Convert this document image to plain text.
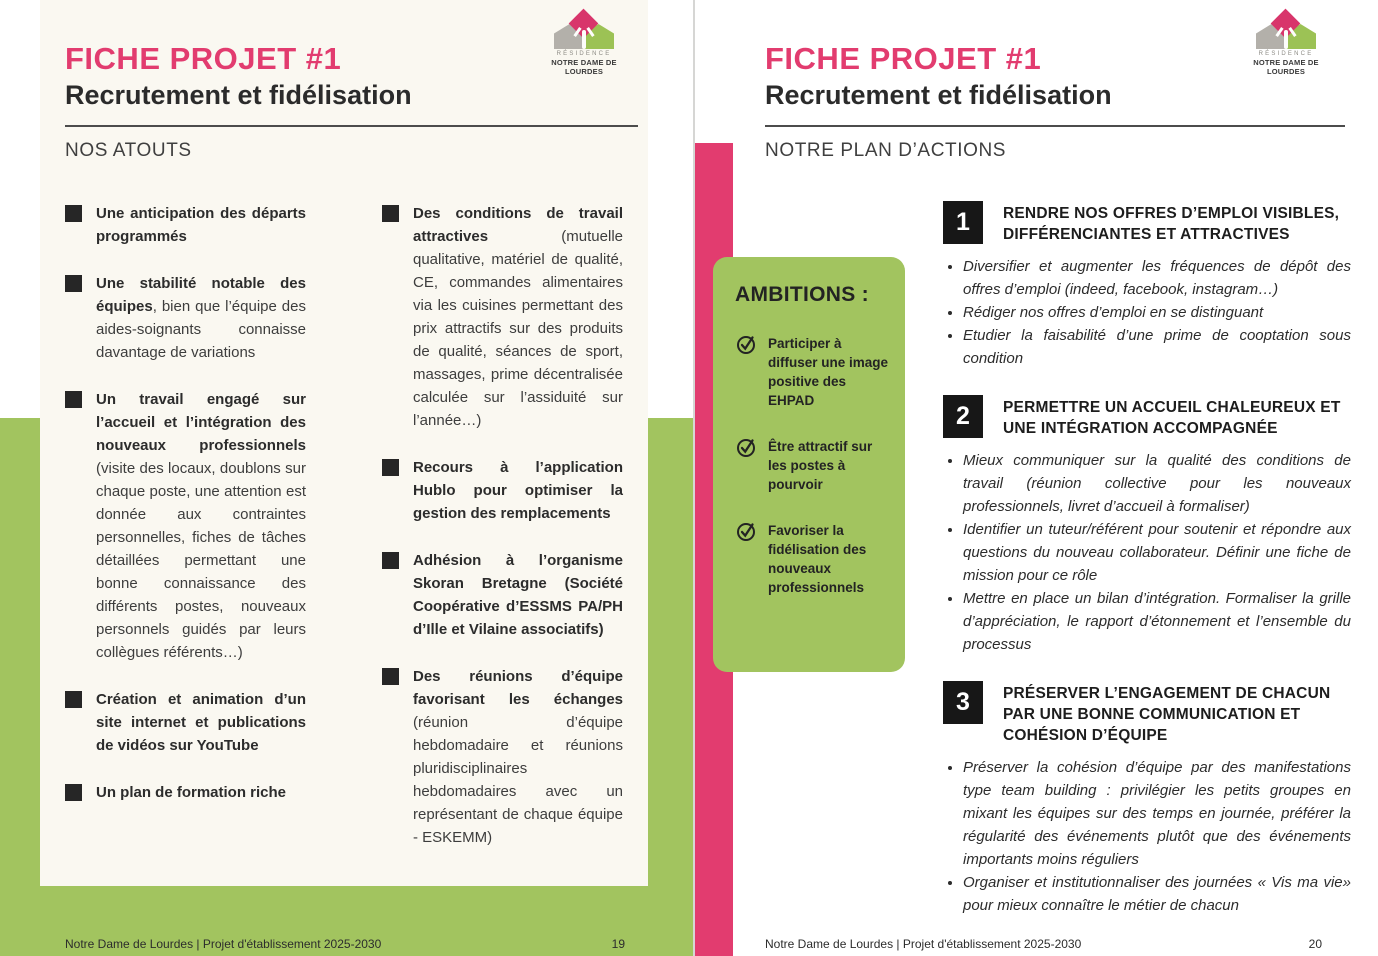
FICHE PROJET #1
Recrutement et fidélisation
NOS ATOUTS
Une anticipation des départs programmés
Une stabilité notable des équipes, bien que l’équipe des aides-soignants connaisse davantage de variations
Un travail engagé sur l’accueil et l’intégration des nouveaux professionnels (visite des locaux, doublons sur chaque poste, une attention est donnée aux contraintes personnelles, fiches de tâches détaillées permettant une bonne connaissance des différents postes, nouveaux personnels guidés par leurs collègues référents…)
Création et animation d’un site internet et publications de vidéos sur YouTube
Un plan de formation riche
Des conditions de travail attractives (mutuelle qualitative, matériel de qualité, CE, commandes alimentaires via les cuisines permettant des prix attractifs sur des produits de qualité, séances de sport, massages, prime décentralisée calculée sur l’assiduité sur l’année…)
Recours à l’application Hublo pour optimiser la gestion des remplacements
Adhésion à l’organisme Skoran Bretagne (Société Coopérative d’ESSMS PA/PH d’Ille et Vilaine associatifs)
Des réunions d’équipe favorisant les échanges (réunion d’équipe hebdomadaire et réunions pluridisciplinaires hebdomadaires avec un représentant de chaque équipe - ESKEMM)
RÉSIDENCE
NOTRE DAME DE LOURDES
Notre Dame de Lourdes | Projet d'établissement 2025-2030	19
FICHE PROJET #1
Recrutement et fidélisation
NOTRE PLAN D’ACTIONS
RÉSIDENCE
NOTRE DAME DE LOURDES
AMBITIONS :
Participer à diffuser une image positive des EHPAD
Être attractif sur les postes à pourvoir
Favoriser la fidélisation des nouveaux professionnels
1	RENDRE NOS OFFRES D’EMPLOI VISIBLES, DIFFÉRENCIANTES ET ATTRACTIVES
• Diversifier et augmenter les fréquences de dépôt des offres d’emploi (indeed, facebook, instagram…)
• Rédiger nos offres d’emploi en se distinguant
• Etudier la faisabilité d’une prime de cooptation sous condition
2	PERMETTRE UN ACCUEIL CHALEUREUX ET UNE INTÉGRATION ACCOMPAGNÉE
• Mieux communiquer sur la qualité des conditions de travail (réunion collective pour les nouveaux professionnels, livret d’accueil à formaliser)
• Identifier un tuteur/référent pour soutenir et répondre aux questions du nouveau collaborateur. Définir une fiche de mission pour ce rôle
• Mettre en place un bilan d’intégration. Formaliser la grille d’appréciation, le rapport d’étonnement et l’ensemble du processus
3	PRÉSERVER L’ENGAGEMENT DE CHACUN PAR UNE BONNE COMMUNICATION ET COHÉSION D’ÉQUIPE
• Préserver la cohésion d’équipe par des manifestations type team building : privilégier les petits groupes en mixant les équipes sur des temps en journée, préférer la régularité des événements plutôt que des événements importants moins réguliers
• Organiser et institutionnaliser des journées « Vis ma vie» pour mieux connaître le métier de chacun
Notre Dame de Lourdes | Projet d'établissement 2025-2030	20
